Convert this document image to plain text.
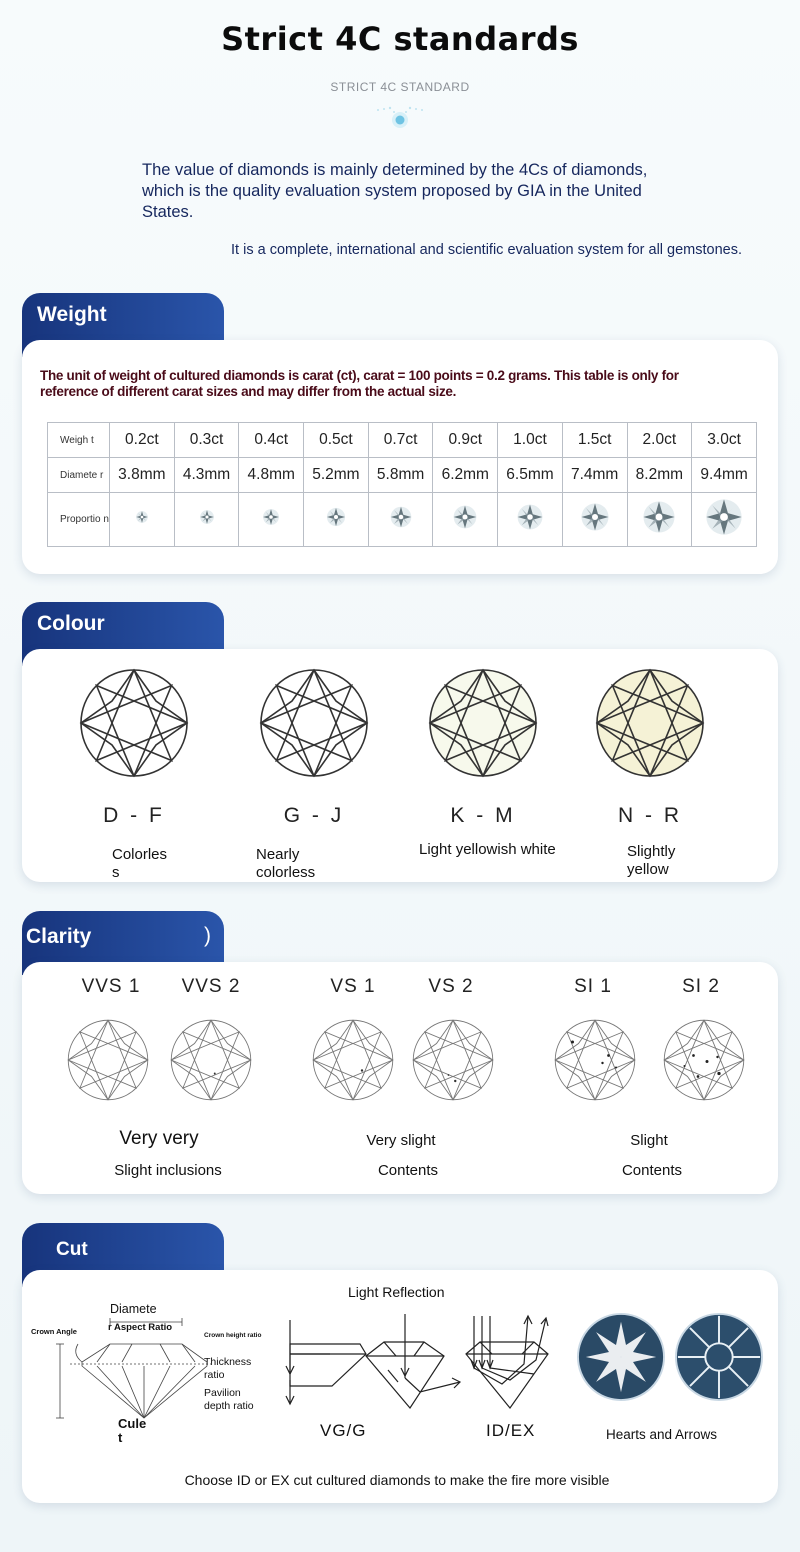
Strict 4C standards
STRICT 4C STANDARD
The value of diamonds is mainly determined by the 4Cs of diamonds, which is the quality evaluation system proposed by GIA in the United States.
It is a complete, international and scientific evaluation system for all gemstones.
Weight
The unit of weight of cultured diamonds is carat (ct), carat = 100 points = 0.2 grams. This table is only for reference of different carat sizes and may differ from the actual size.
Weigh t	0.2ct	0.3ct	0.4ct	0.5ct	0.7ct	0.9ct	1.0ct	1.5ct	2.0ct	3.0ct
Diamete r	3.8mm	4.3mm	4.8mm	5.2mm	5.8mm	6.2mm	6.5mm	7.4mm	8.2mm	9.4mm
Proportio n										
Colour
D - F
Colorles s
G - J
Nearly colorless
K - M
Light yellowish white
N - R
Slightly yellow
Clarity	)
VVS 1	VVS 2	VS 1	VS 2	SI 1	SI 2
Very very
Slight inclusions
Very slight
Contents
Slight
Contents
Cut
Light Reflection
Diamete
r Aspect Ratio
Crown Angle	Crown height ratio
Thickness ratio
Pavilion depth ratio
Cule t	VG/G	ID/EX	Hearts and Arrows
Choose ID or EX cut cultured diamonds to make the fire more visible
